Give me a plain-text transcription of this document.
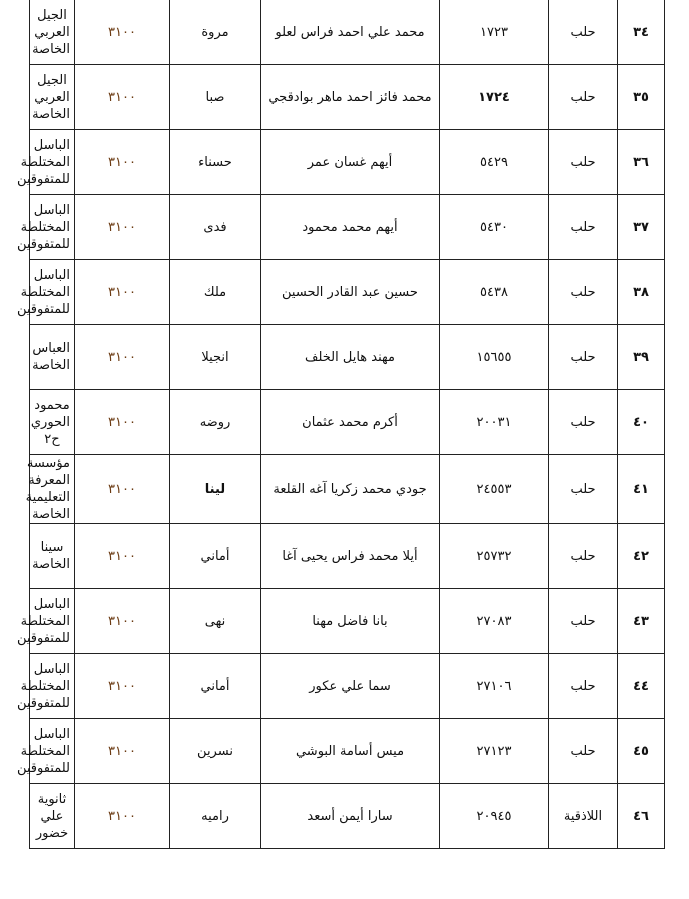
٣٤	حلب	١٧٢٣	محمد علي احمد فراس لعلو	مروة	٣١٠٠	الجيل العربي الخاصة
٣٥	حلب	١٧٢٤	محمد فائز احمد ماهر بوادقجي	صبا	٣١٠٠	الجيل العربي الخاصة
٣٦	حلب	٥٤٢٩	أيهم غسان عمر	حسناء	٣١٠٠	الباسل المختلطة للمتفوقين
٣٧	حلب	٥٤٣٠	أيهم محمد محمود	فدى	٣١٠٠	الباسل المختلطة للمتفوقين
٣٨	حلب	٥٤٣٨	حسين عبد القادر الحسين	ملك	٣١٠٠	الباسل المختلطة للمتفوقين
٣٩	حلب	١٥٦٥٥	مهند هايل الخلف	انجيلا	٣١٠٠	العباس الخاصة
٤٠	حلب	٢٠٠٣١	أكرم محمد عثمان	روضه	٣١٠٠	محمود الحوري ح٢
٤١	حلب	٢٤٥٥٣	جودي محمد زكريا آغه القلعة	لينا	٣١٠٠	مؤسسة المعرفة التعليمية الخاصة
٤٢	حلب	٢٥٧٣٢	أيلا محمد فراس يحيى آغا	أماني	٣١٠٠	سينا الخاصة
٤٣	حلب	٢٧٠٨٣	بانا فاضل مهنا	نهى	٣١٠٠	الباسل المختلطة للمتفوقين
٤٤	حلب	٢٧١٠٦	سما علي عكور	أماني	٣١٠٠	الباسل المختلطة للمتفوقين
٤٥	حلب	٢٧١٢٣	ميس أسامة البوشي	نسرين	٣١٠٠	الباسل المختلطة للمتفوقين
٤٦	اللاذقية	٢٠٩٤٥	سارا أيمن أسعد	راميه	٣١٠٠	ثانوية علي خضور
